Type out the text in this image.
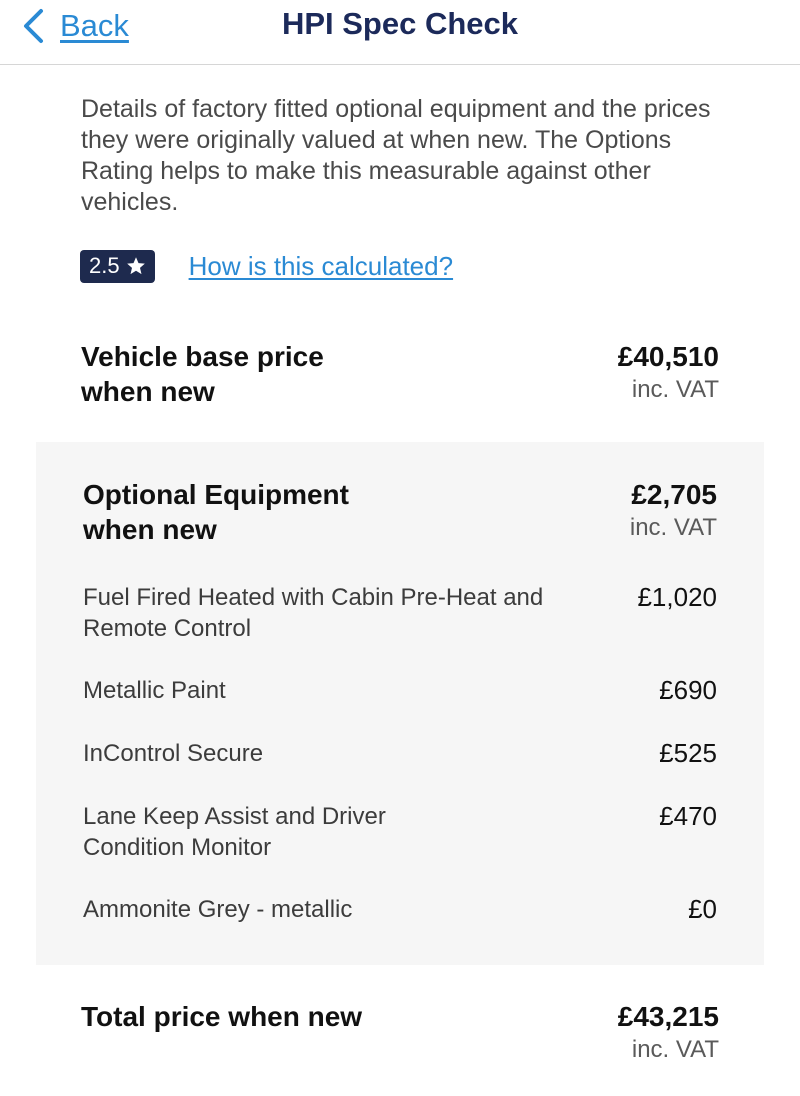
Back	HPI Spec Check
Details of factory fitted optional equipment and the prices they were originally valued at when new. The Options Rating helps to make this measurable against other vehicles.
2.5	How is this calculated?
Vehicle base price when new
£40,510
inc. VAT
Optional Equipment when new
£2,705
inc. VAT
Fuel Fired Heated with Cabin Pre-Heat and Remote Control
£1,020
Metallic Paint	£690
InControl Secure	£525
Lane Keep Assist and Driver Condition Monitor
£470
Ammonite Grey - metallic	£0
Total price when new	£43,215
inc. VAT
